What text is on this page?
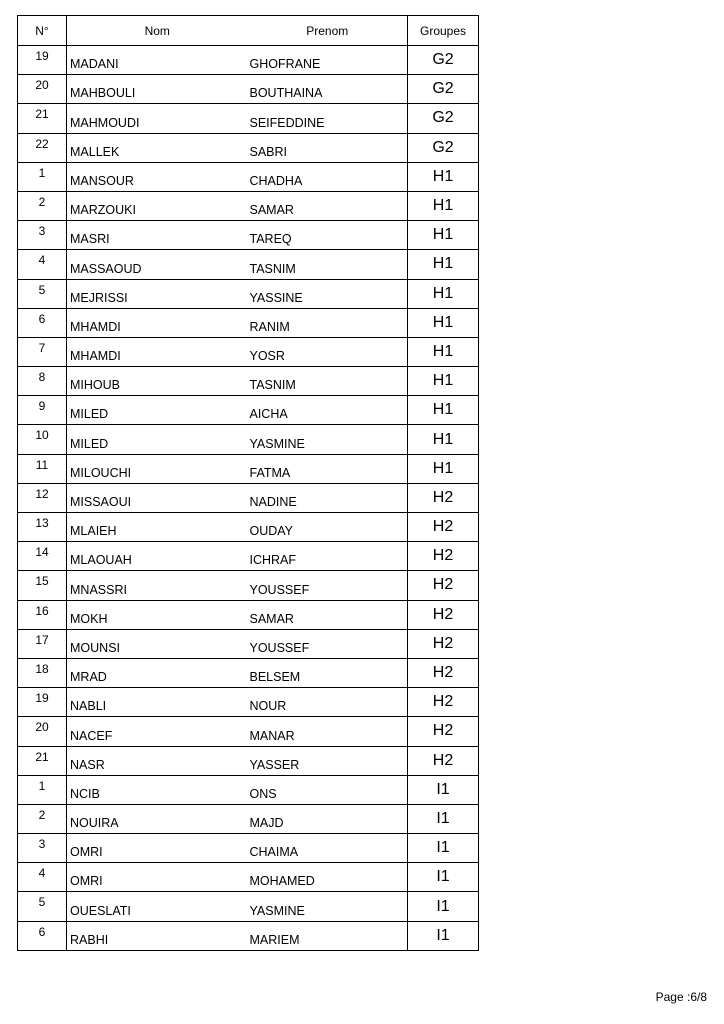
N°	Nom	Prenom	Groupes
19	MADANI	GHOFRANE	G2
20	MAHBOULI	BOUTHAINA	G2
21	MAHMOUDI	SEIFEDDINE	G2
22	MALLEK	SABRI	G2
1	MANSOUR	CHADHA	H1
2	MARZOUKI	SAMAR	H1
3	MASRI	TAREQ	H1
4	MASSAOUD	TASNIM	H1
5	MEJRISSI	YASSINE	H1
6	MHAMDI	RANIM	H1
7	MHAMDI	YOSR	H1
8	MIHOUB	TASNIM	H1
9	MILED	AICHA	H1
10	MILED	YASMINE	H1
11	MILOUCHI	FATMA	H1
12	MISSAOUI	NADINE	H2
13	MLAIEH	OUDAY	H2
14	MLAOUAH	ICHRAF	H2
15	MNASSRI	YOUSSEF	H2
16	MOKH	SAMAR	H2
17	MOUNSI	YOUSSEF	H2
18	MRAD	BELSEM	H2
19	NABLI	NOUR	H2
20	NACEF	MANAR	H2
21	NASR	YASSER	H2
1	NCIB	ONS	I1
2	NOUIRA	MAJD	I1
3	OMRI	CHAIMA	I1
4	OMRI	MOHAMED	I1
5	OUESLATI	YASMINE	I1
6	RABHI	MARIEM	I1
Page :6/8
